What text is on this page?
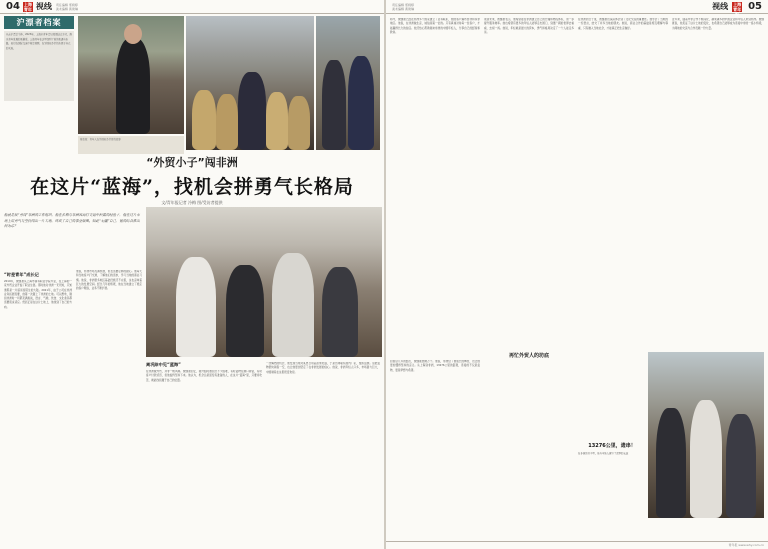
04 上海青年报
视线 责任编辑 邢婉婷
美术编辑 黄建琳
沪漂者档案
从前沪漂是个体，2023年，上海市青年宫以双语结合方式，推出青年发展的新篇章。上海青年在这里找到了新的机遇与出路，他们在国际交流中拓宽视野，在异国他乡打拼出属于自己的天地。
编者按：青年人在异国他乡打拼的故事
“外贸小子”闯非洲
在这片“蓝海”，找机会拼勇气长格局
文/青年报记者 冷梅 图/受访者提供
他就是被“勇闯”非洲的工作组织，他在长期与非洲客商打交道中积累的经验下，他在这片市场上用勇气与坚持闯出一片天地，终成了自己的事业版图。如此“无疆”自己，他的综合推出何为乐？
“时差青年”成长记
2019年，费继豪从上海市商务职业学院毕业，在上海的一家外贸企业开始了职业生涯。那时他对非洲一无所知，只知道那是一片遥远而陌生的大陆。2021年，由于公司在非洲业务拓展需要，他第一次踏上了非洲的土地。可以想象，刚到非洲时一切都充满挑战，语言、气候、饮食、文化差异都需要逐步适应。然而正是在这片土地上，他找到了自己的方向。
他说，非洲市场充满机遇，但也需要足够的耐心。他每天和当地客户打交道，了解他们的需求，学习当地的商业习惯。他说，非洲很多地区基础设施还不完善，这也意味着巨大的发展空间。经过几年的积累，他在当地建立了稳定的客户网络，业务不断扩展。
离巩除中见“蓝海”
在非洲做外贸，并非一帆风顺。费继豪回忆，刚开始时遇到过不少困难，有时货物在港口滞留，有时客户付款延迟，但他始终坚持下来。他认为，机会总是留给有准备的人，在这片“蓝海”里，只要肯吃苦，就能找到属于自己的位置。
一次偶然的机会，他发现当地对某类日用品需求旺盛，于是迅速联系国内厂家，组织货源。这批货物很快销售一空，也让他更加坚定了在非洲发展的信心。他说，非洲年轻人口多，市场潜力巨大，中国制造在这里很受欢迎。
责任编辑 邢婉婷
美术编辑 黄建琳	视线 上海青年报
05
如今，费继豪已经在非洲多个国家建立了业务联系，他的客户遍布西非和东非地区。他说，在非洲做生意，诚信是第一位的。只有真诚对待每一位客户，才能赢得长久的信任。他还热心帮助刚来非洲的中国年轻人，分享自己的经验和教训。
谈到未来，费继豪表示，他希望能在非洲建立自己的仓储和物流体系，进一步提升服务效率。他也希望有更多的年轻人能够走出国门，到更广阔的世界去看看，去闯一闯。他说，年轻就是最大的资本，勇气和格局决定了一个人能走多远。
在非洲的日子里，费继豪也深深体会到了文化交流的重要性。他学会了当地的一些语言，结交了许多当地的朋友。他说，商业合作的基础是相互理解与尊重，只有融入当地社会，才能真正把生意做好。
近年来，随着中非合作不断深化，越来越多的中国企业和年轻人来到非洲。费继豪说，他见证了这片土地的变化，也希望自己能够成为连接中非的一座小桥梁，为两地的交流与合作贡献一份力量。
再忙外贸人的坊底
13276公里，遗串！
回首这几年的经历，费继豪感慨万千。他说，非洲给了他成长的舞台，也让他更加懂得坚持的意义。从上海到非洲，13276公里的距离，连接的不仅是货物，更是梦想与希望。
在非洲的日子里，他与当地人建立了深厚的友谊
青年报 www.why.com.cn
